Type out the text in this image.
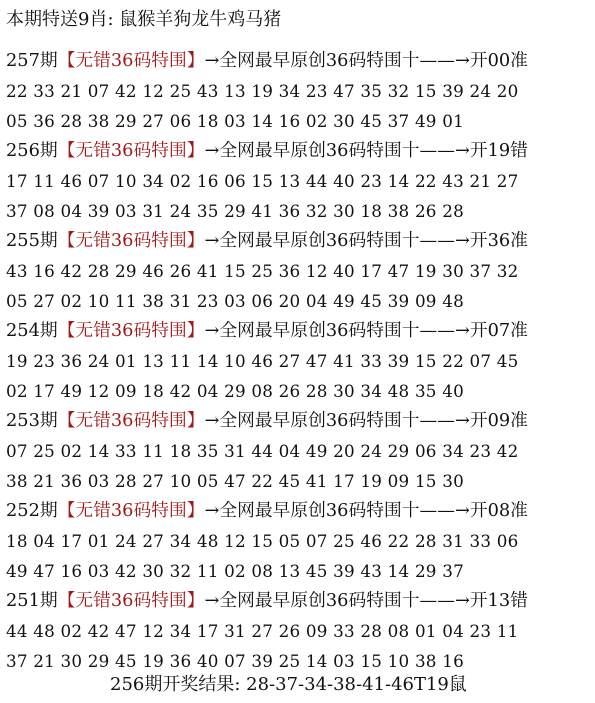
本期特送9肖: 鼠猴羊狗龙牛鸡马猪
257期【无错36码特围】→全网最早原创36码特围十——→开00准
22 33 21 07 42 12 25 43 13 19 34 23 47 35 32 15 39 24 20
05 36 28 38 29 27 06 18 03 14 16 02 30 45 37 49 01
256期【无错36码特围】→全网最早原创36码特围十——→开19错
17 11 46 07 10 34 02 16 06 15 13 44 40 23 14 22 43 21 27
37 08 04 39 03 31 24 35 29 41 36 32 30 18 38 26 28
255期【无错36码特围】→全网最早原创36码特围十——→开36准
43 16 42 28 29 46 26 41 15 25 36 12 40 17 47 19 30 37 32
05 27 02 10 11 38 31 23 03 06 20 04 49 45 39 09 48
254期【无错36码特围】→全网最早原创36码特围十——→开07准
19 23 36 24 01 13 11 14 10 46 27 47 41 33 39 15 22 07 45
02 17 49 12 09 18 42 04 29 08 26 28 30 34 48 35 40
253期【无错36码特围】→全网最早原创36码特围十——→开09准
07 25 02 14 33 11 18 35 31 44 04 49 20 24 29 06 34 23 42
38 21 36 03 28 27 10 05 47 22 45 41 17 19 09 15 30
252期【无错36码特围】→全网最早原创36码特围十——→开08准
18 04 17 01 24 27 34 48 12 15 05 07 25 46 22 28 31 33 06
49 47 16 03 42 30 32 11 02 08 13 45 39 43 14 29 37
251期【无错36码特围】→全网最早原创36码特围十——→开13错
44 48 02 42 47 12 34 17 31 27 26 09 33 28 08 01 04 23 11
37 21 30 29 45 19 36 40 07 39 25 14 03 15 10 38 16
256期开奖结果: 28-37-34-38-41-46T19鼠
